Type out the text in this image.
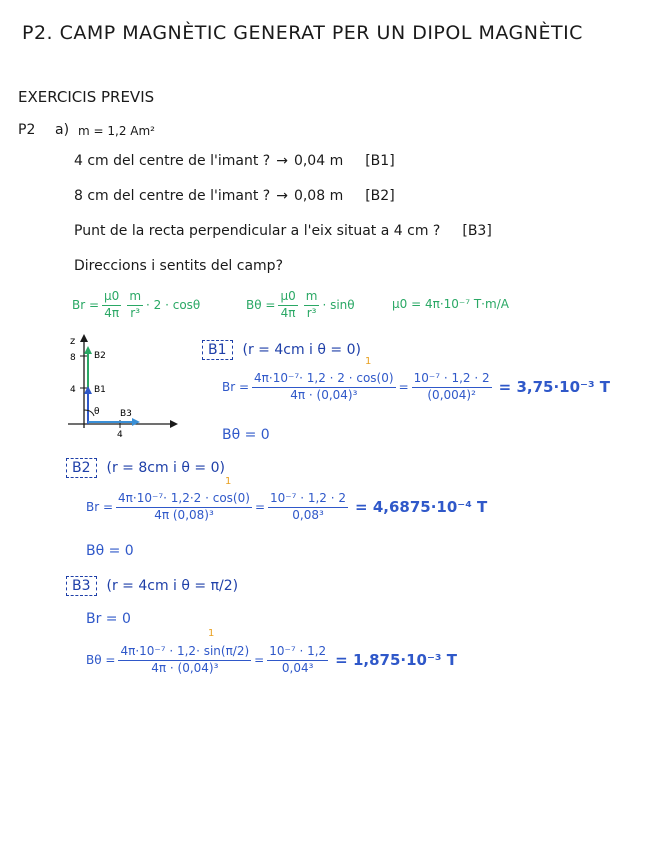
P2. CAMP MAGNÈTIC GENERAT PER UN DIPOL MAGNÈTIC
EXERCICIS PREVIS
P2 a) m = 1,2 Am²
4 cm del centre de l'imant ? → 0,04 m [B1]
8 cm del centre de l'imant ? → 0,08 m [B2]
Punt de la recta perpendicular a l'eix situat a 4 cm ? [B3]
Direccions i sentits del camp?
$Br = \frac{\mu 0}{4\pi} \frac{m}{\text{r³}} \cdot 2 \cdot \cos\theta$	$B\theta = \frac{\mu 0}{4\pi} \frac{m}{\text{r³}} \cdot \sin\theta$	μ0 = 4π·10⁻⁷ T·m/A
z
8
4
4
B2
B1
B3
θ
B1	(r = 4cm i θ = 0)
1
$Br = \frac{\text{4π·10⁻⁷· 1,2 · 2 · cos(0)}}{\text{4π · (0,04)³}} = \frac{\text{10⁻⁷ · 1,2 · 2}}{\text{(0,004)²}} = 3,75\cdot 10^{-3}$ T
Bθ = 0
B2	(r = 8cm i θ = 0)
1
$Br = \frac{\text{4π·10⁻⁷· 1,2·2 · cos(0)}}{\text{4π (0,08)³}} = \frac{\text{10⁻⁷ · 1,2 · 2}}{\text{0,08³}} = 4,6875\cdot 10^{-4}$ T
Bθ = 0
B3	(r = 4cm i θ = π/2)
Br = 0
1
$B\theta = \frac{\text{4π·10⁻⁷ · 1,2· sin(π/2)}}{\text{4π · (0,04)³}} = \frac{\text{10⁻⁷ · 1,2}}{\text{0,04³}} = 1,875\cdot 10^{-3}$ T
